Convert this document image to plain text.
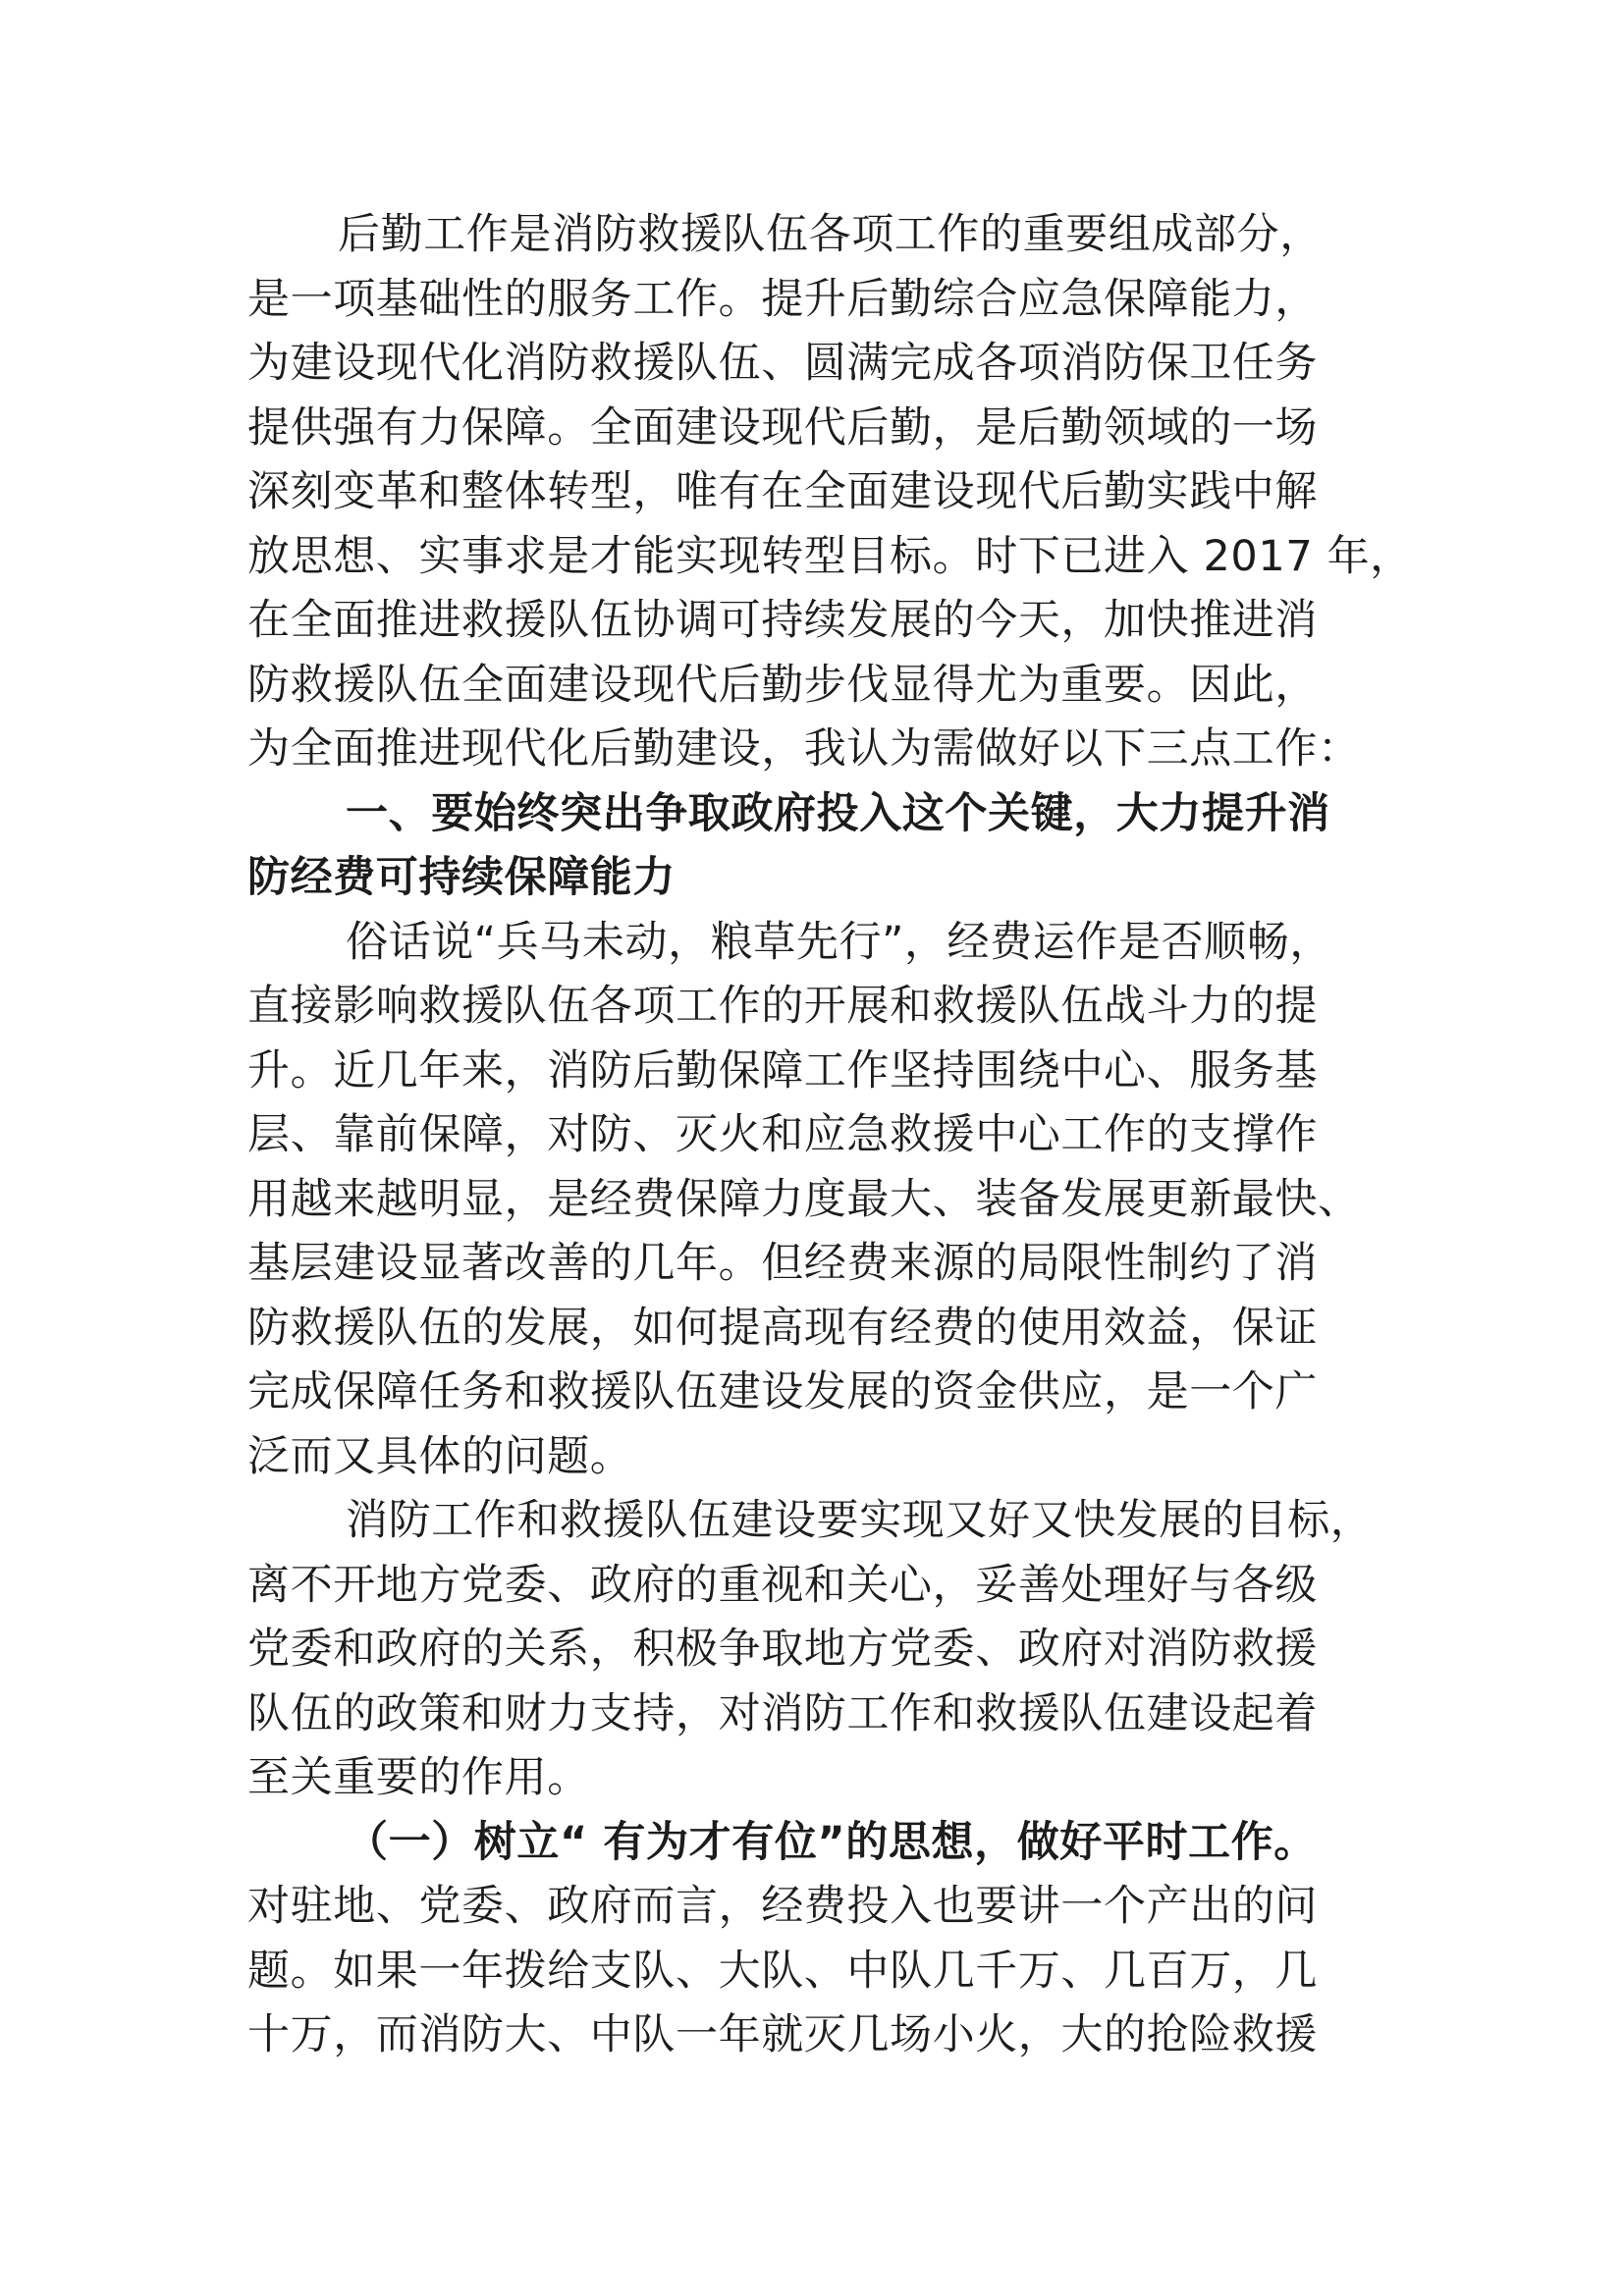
后勤工作是消防救援队伍各项工作的重要组成部分，
是一项基础性的服务工作。提升后勤综合应急保障能力，
为建设现代化消防救援队伍、圆满完成各项消防保卫任务
提供强有力保障。全面建设现代后勤，是后勤领域的一场
深刻变革和整体转型，唯有在全面建设现代后勤实践中解
放思想、实事求是才能实现转型目标。时下已进入 2017 年，
在全面推进救援队伍协调可持续发展的今天，加快推进消
防救援队伍全面建设现代后勤步伐显得尤为重要。因此，
为全面推进现代化后勤建设，我认为需做好以下三点工作：
一、要始终突出争取政府投入这个关键，大力提升消
防经费可持续保障能力
俗话说“兵马未动，粮草先行”，经费运作是否顺畅，
直接影响救援队伍各项工作的开展和救援队伍战斗力的提
升。近几年来，消防后勤保障工作坚持围绕中心、服务基
层、靠前保障，对防、灭火和应急救援中心工作的支撑作
用越来越明显，是经费保障力度最大、装备发展更新最快、
基层建设显著改善的几年。但经费来源的局限性制约了消
防救援队伍的发展，如何提高现有经费的使用效益，保证
完成保障任务和救援队伍建设发展的资金供应，是一个广
泛而又具体的问题。
消防工作和救援队伍建设要实现又好又快发展的目标，
离不开地方党委、政府的重视和关心，妥善处理好与各级
党委和政府的关系，积极争取地方党委、政府对消防救援
队伍的政策和财力支持，对消防工作和救援队伍建设起着
至关重要的作用。
（一）树立“ 有为才有位”的思想，做好平时工作。
对驻地、党委、政府而言，经费投入也要讲一个产出的问
题。如果一年拨给支队、大队、中队几千万、几百万，几
十万，而消防大、中队一年就灭几场小火，大的抢险救援
